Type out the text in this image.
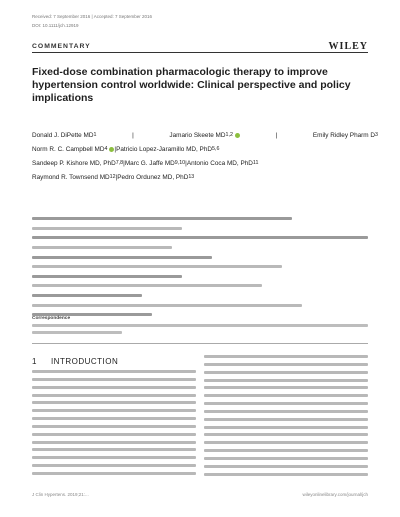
Received: 7 September 2016 | Accepted: 7 September 2016
DOI: 10.1111/jch.12919
COMMENTARY	WILEY
Fixed-dose combination pharmacologic therapy to improve hypertension control worldwide: Clinical perspective and policy implications
Donald J. DiPette MD 1	|	Jamario Skeete MD 1,2	|	Emily Ridley Pharm D 3
Norm R. C. Campbell MD 4 | Patricio Lopez-Jaramillo MD, PhD 5,6
Sandeep P. Kishore MD, PhD 7,8 | Marc G. Jaffe MD 9,10 | Antonio Coca MD, PhD 11
Raymond R. Townsend MD 12 | Pedro Ordunez MD, PhD 13
Correspondence
1 INTRODUCTION
J Clin Hypertens. 2019;21:...	wileyonlinelibrary.com/journal/jch
